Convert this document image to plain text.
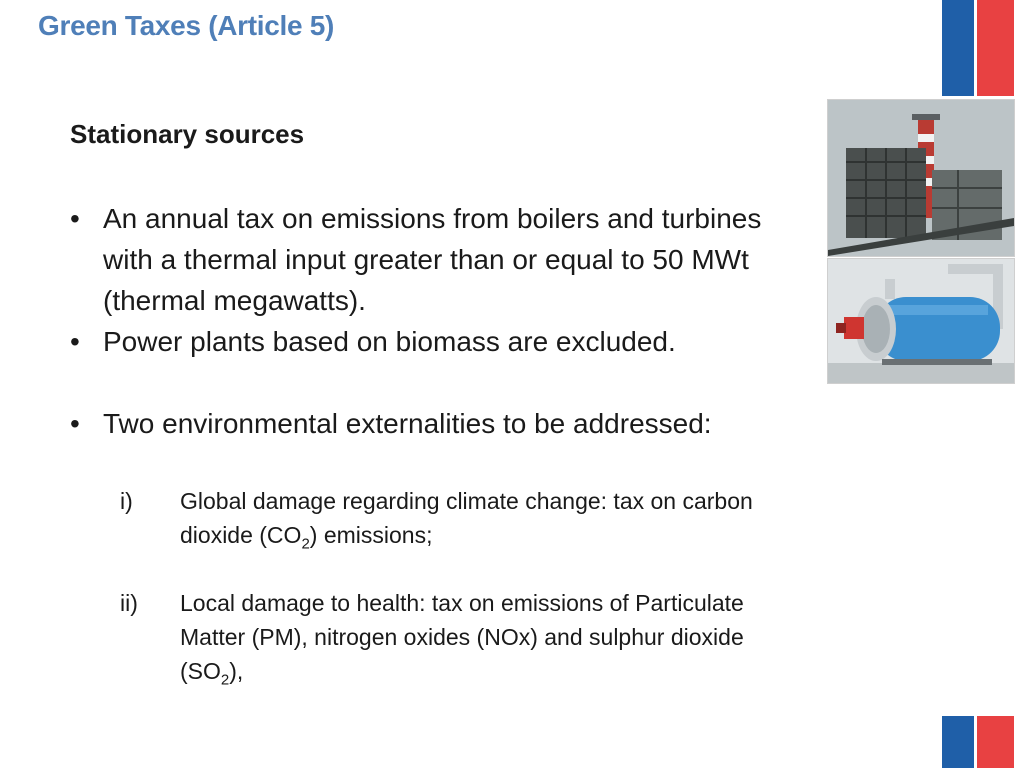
Green Taxes (Article 5)
Stationary sources
• An annual tax on emissions from boilers and turbines with a thermal input greater than or equal to 50 MWt (thermal megawatts).
• Power plants based on biomass are excluded.
• Two environmental externalities to be addressed:
i)	Global damage regarding climate change: tax on carbon dioxide $(CO_2)$ emissions;
ii)	Local damage to health: tax on emissions of Particulate Matter (PM), nitrogen oxides (NOx) and sulphur dioxide $(SO_2)$,
